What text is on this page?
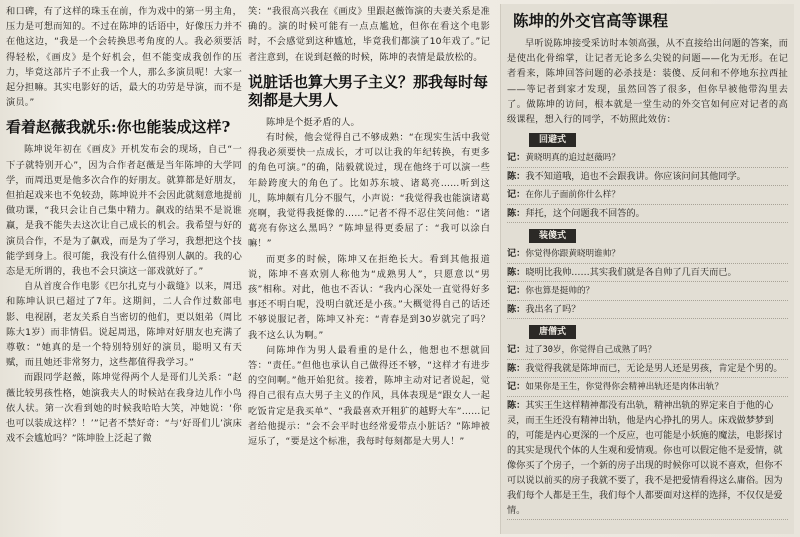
和口碑，有了这样的珠玉在前，作为戏中的第一男主角，压力是可想而知的。不过在陈坤的话语中，好像压力并不在他这边，“我是一个会转换思考角度的人。我必须要活得轻松，《画皮》是个好机会，但不能变成我创作的压力，毕竟这部片子不止我一个人，那么多演员呢！大家一起分担嘛。其实电影好的话，最大的功劳是导演，而不是演员。”

看着赵薇我就乐:你也能装成这样?

陈坤说年初在《画皮》开机发布会的现场，自己“一下子就特别开心”，因为合作者赵薇是当年陈坤的大学同学，而周迅更是他多次合作的好朋友。就算都是好朋友，但拍起戏来也不免较劲，陈坤说并不会因此就刻意地提前做功课，“我只会让自己集中精力。飙戏的结果不是说谁赢，是我不能失去这次让自己成长的机会。我希望与好的演员合作，不是为了飙戏，而是为了学习，我想把这个技能学到身上。很可能，我没有什么值得别人飙的。我的心态是无所谓的，我也不会只演这一部戏就好了。”

自从首度合作电影《巴尔扎克与小裁缝》以来，周迅和陈坤认识已超过了7年。这期间，二人合作过数部电影、电视剧，老友关系自当密切的他们，更以姐弟（周比陈大1岁）而非情侣。说起周迅，陈坤对好朋友也充满了尊敬：“她真的是一个特别特别好的演员，聪明又有天赋，而且她还非常努力，这些都值得我学习。”

而跟同学赵薇，陈坤觉得两个人是哥们儿关系：“赵薇比较男孩性格，她演我夫人的时候站在我身边儿作小鸟依人状。第一次看到她的时候我哈哈大笑，冲她说：‘你也可以装成这样？！’”记者不禁好奇：“与‘好哥们儿’演床戏不会尴尬吗？”陈坤脸上泛起了微

笑：“我很高兴我在《画皮》里跟赵薇饰演的夫妻关系是准确的。演的时候可能有一点点尴尬，但你在看这个电影时，不会感觉到这种尴尬，毕竟我们都演了10年戏了。”记者注意到，在说到赵薇的时候，陈坤的表情是最放松的。

说脏话也算大男子主义？那我每时每刻都是大男人

陈坤是个挺矛盾的人。

有时候，他会觉得自己不够成熟：“在现实生活中我觉得我必须要快一点成长，才可以让我的年纪转换，有更多的角色可演。”的确，陆毅就说过，现在他终于可以演一些年龄跨度大的角色了。比如苏东坡、诸葛亮……听到这儿，陈坤颇有几分不服气，小声说：“我觉得我也能演诸葛亮啊，我觉得我挺像的……”记者不得不忍住笑问他：“诸葛亮有你这么黑吗？”陈坤显得更委屈了：“我可以涂白嘛！”

而更多的时候，陈坤又在拒绝长大。看到其他报道说，陈坤不喜欢别人称他为“成熟男人”，只愿意以“男孩”相称。对此，他也不否认：“我内心深处一直觉得好多事还不明白呢，没明白就还是小孩。”大概觉得自己的话还不够说服记者，陈坤又补充：“青春是到30岁就完了吗？我不这么认为啊。”

问陈坤作为男人最看重的是什么，他想也不想就回答：“责任。”但他也承认自己做得还不够，“这样才有进步的空间啊。”他开始犯贫。接着，陈坤主动对记者说起，觉得自己很有点大男子主义的作风，具体表现是“跟女人一起吃饭肯定是我买单”、“我最喜欢开粗犷的越野大车”……记者给他提示：“会不会平时也经常爱带点小脏话？”陈坤被逗乐了，“要是这个标准，我每时每刻都是大男人！”

陈坤的外交官高等课程

早听说陈坤接受采访时本领高强，从不直接给出问题的答案，而是使出化骨绵掌，让记者无论多么尖锐的问题——化为无形。在记者看来，陈坤回答问题的必杀技是：装傻、反问和不停地东拉西扯——等记者到家才发现，虽然回答了很多，但你早被他带沟里去了。做陈坤的访问，根本就是一堂生动的外交官如何应对记者的高级课程，想入行的同学，不妨照此效仿：

回避式
记：黄晓明真的追过赵薇吗？
陈：我不知道哦，追也不会跟我讲。你应该问问其他同学。
记：在你儿子面前你什么样？
陈：拜托，这个问题我不回答的。
装傻式
记：你觉得你跟黄晓明谁帅？
陈：晓明比我帅……其实我们就是各自帅了几百天而已。
记：你也算是挺帅的？
陈：我出名了吗？
唐僧式
记：过了30岁，你觉得自己成熟了吗？
陈：我觉得我就是陈坤而已，无论是男人还是男孩，肯定是个男的。
记：如果你是王生，你觉得你会精神出轨还是肉体出轨？
陈：其实王生这样精神都没有出轨，精神出轨的界定来自于他的心灵，而王生还没有精神出轨，他是内心挣扎的男人。床戏做梦梦到的，可能是内心更深的一个反应，也可能是小妖施的魔法，电影探讨的其实是现代个体的人生观和爱情观。你也可以假定他不是爱情，就像你买了个房子，一个新的房子出现的时候你可以说不喜欢，但你不可以说以前买的房子我就不要了，我不是把爱情看得这么庸俗。因为我们每个人都是王生，我们每个人都要面对这样的选择，不仅仅是爱情。
